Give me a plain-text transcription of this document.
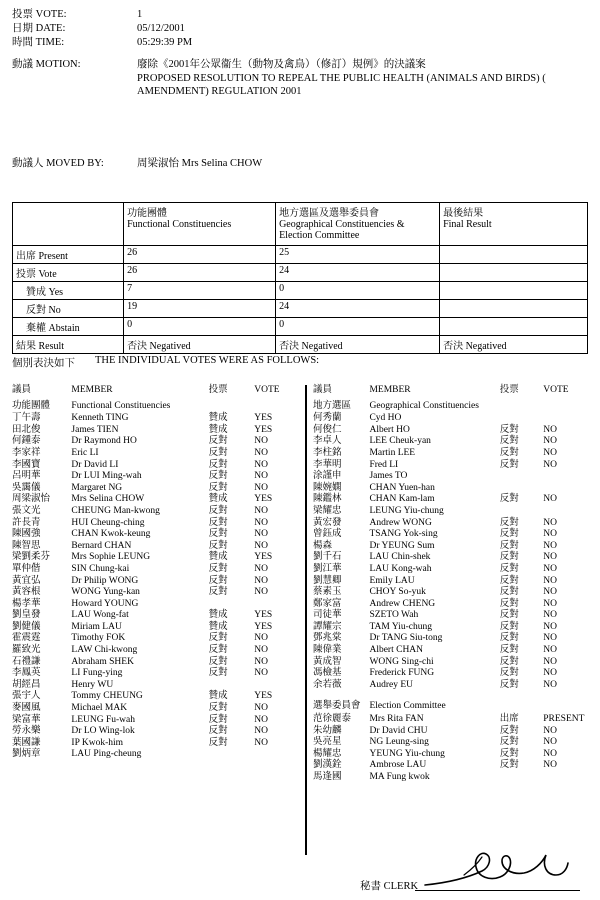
投票 VOTE:	1
日期 DATE:	05/12/2001
時間 TIME:	05:29:39 PM
動議 MOTION:	廢除《2001年公眾衞生（動物及禽鳥）（修訂）規例》的決議案
PROPOSED RESOLUTION TO REPEAL THE PUBLIC HEALTH (ANIMALS AND BIRDS) (
AMENDMENT) REGULATION 2001
動議人 MOVED BY:	周梁淑怡 Mrs Selina CHOW

	功能團體
Functional Constituencies	地方選區及選舉委員會
Geographical Constituencies & Election Committee	最後結果
Final Result

出席 Present	26	25	
投票 Vote	26	24	
　贊成 Yes	7	0	
　反對 No	19	24	
　棄權 Abstain	0	0	
結果 Result	否決 Negatived	否決 Negatived	否決 Negatived
個別表決如下 THE INDIVIDUAL VOTES WERE AS FOLLOWS:
議員	MEMBER	投票	VOTE
功能團體	Functional Constituencies		
丁午壽	Kenneth TING	贊成	YES
田北俊	James TIEN	贊成	YES
何鍾泰	Dr Raymond HO	反對	NO
李家祥	Eric LI	反對	NO
李國寶	Dr David LI	反對	NO
呂明華	Dr LUI Ming-wah	反對	NO
吳靄儀	Margaret NG	反對	NO
周梁淑怡	Mrs Selina CHOW	贊成	YES
張文光	CHEUNG Man-kwong	反對	NO
許長青	HUI Cheung-ching	反對	NO
陳國強	CHAN Kwok-keung	反對	NO
陳智思	Bernard CHAN	反對	NO
梁劉柔芬	Mrs Sophie LEUNG	贊成	YES
單仲偕	SIN Chung-kai	反對	NO
黃宜弘	Dr Philip WONG	反對	NO
黃容根	WONG Yung-kan	反對	NO
楊孝華	Howard YOUNG		
劉皇發	LAU Wong-fat	贊成	YES
劉健儀	Miriam LAU	贊成	YES
霍震霆	Timothy FOK	反對	NO
羅致光	LAW Chi-kwong	反對	NO
石禮謙	Abraham SHEK	反對	NO
李鳳英	LI Fung-ying	反對	NO
胡經昌	Henry WU		
張宇人	Tommy CHEUNG	贊成	YES
麥國風	Michael MAK	反對	NO
梁富華	LEUNG Fu-wah	反對	NO
勞永樂	Dr LO Wing-lok	反對	NO
葉國謙	IP Kwok-him	反對	NO
劉炳章	LAU Ping-cheung		
議員	MEMBER	投票	VOTE
地方選區	Geographical Constituencies		
何秀蘭	Cyd HO		
何俊仁	Albert HO	反對	NO
李卓人	LEE Cheuk-yan	反對	NO
李柱銘	Martin LEE	反對	NO
李華明	Fred LI	反對	NO
涂謹申	James TO		
陳婉嫻	CHAN Yuen-han		
陳鑑林	CHAN Kam-lam	反對	NO
梁耀忠	LEUNG Yiu-chung		
黃宏發	Andrew WONG	反對	NO
曾鈺成	TSANG Yok-sing	反對	NO
楊森	Dr YEUNG Sum	反對	NO
劉千石	LAU Chin-shek	反對	NO
劉江華	LAU Kong-wah	反對	NO
劉慧卿	Emily LAU	反對	NO
蔡素玉	CHOY So-yuk	反對	NO
鄭家富	Andrew CHENG	反對	NO
司徒華	SZETO Wah	反對	NO
譚耀宗	TAM Yiu-chung	反對	NO
鄧兆棠	Dr TANG Siu-tong	反對	NO
陳偉業	Albert CHAN	反對	NO
黃成智	WONG Sing-chi	反對	NO
馮檢基	Frederick FUNG	反對	NO
余若薇	Audrey EU	反對	NO

選舉委員會	Election Committee		
范徐麗泰	Mrs Rita FAN	出席	PRESENT
朱幼麟	Dr David CHU	反對	NO
吳亮星	NG Leung-sing	反對	NO
楊耀忠	YEUNG Yiu-chung	反對	NO
劉漢銓	Ambrose LAU	反對	NO
馬逢國	MA Fung kwok		
秘書 CLERK
